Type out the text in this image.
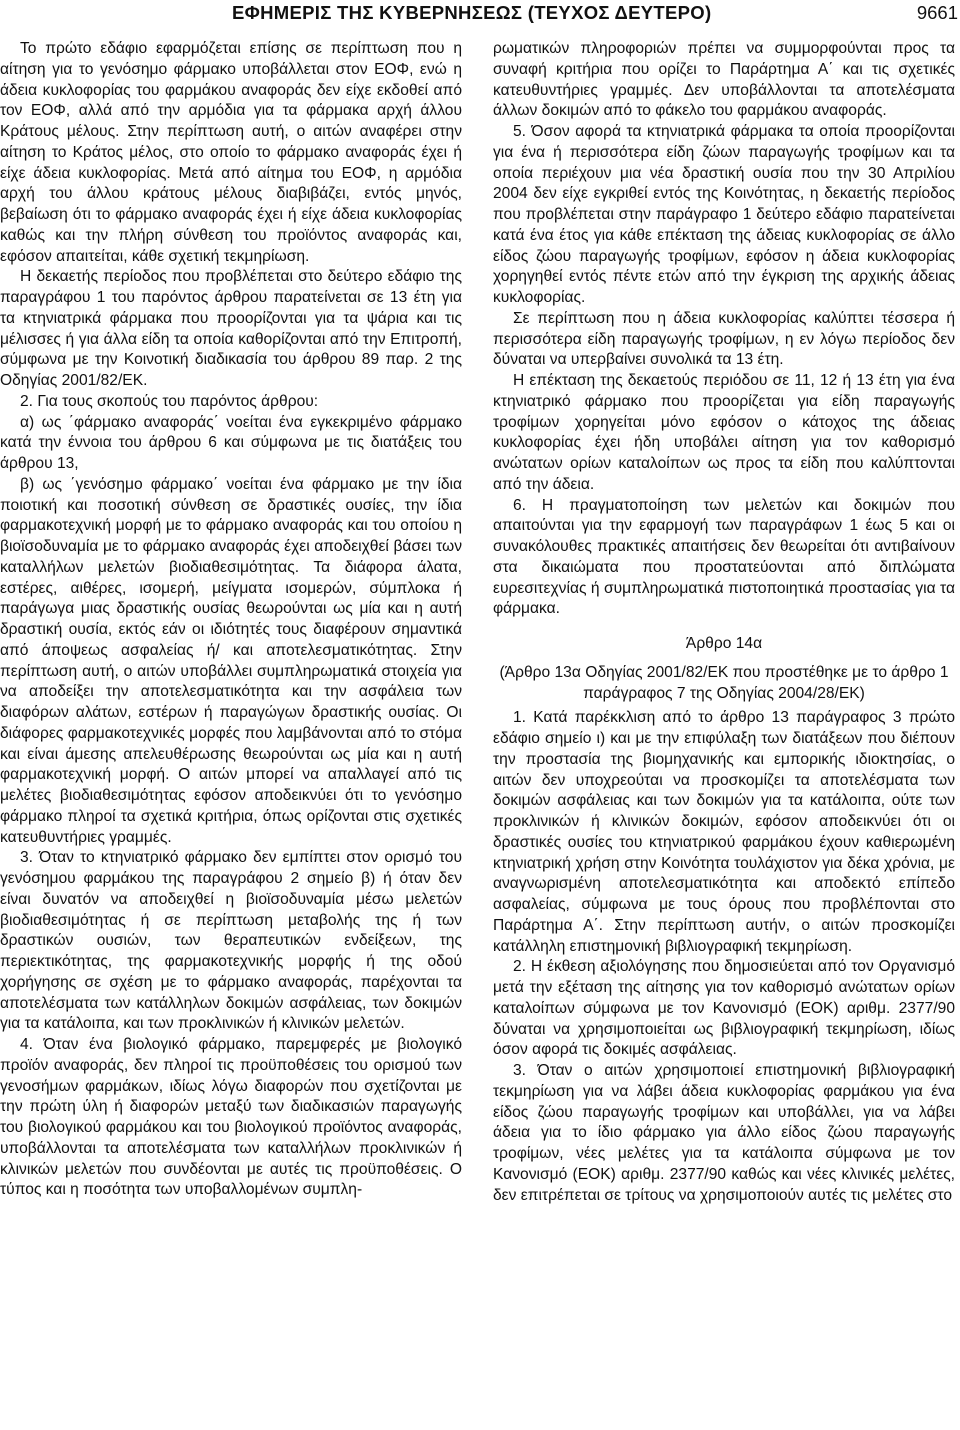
ΕΦΗΜΕΡΙΣ ΤΗΣ ΚΥΒΕΡΝΗΣΕΩΣ (ΤΕΥΧΟΣ ΔΕΥΤΕΡΟ)	9661

Το πρώτο εδάφιο εφαρμόζεται επίσης σε περίπτωση που η αίτηση για το γενόσημο φάρμακο υποβάλλεται στον ΕΟΦ, ενώ η άδεια κυκλοφορίας του φαρμάκου αναφοράς δεν είχε εκδοθεί από τον ΕΟΦ, αλλά από την αρμόδια για τα φάρμακα αρχή άλλου Κράτους μέλους. Στην περίπτωση αυτή, ο αιτών αναφέρει στην αίτηση το Κράτος μέλος, στο οποίο το φάρμακο αναφοράς έχει ή είχε άδεια κυκλοφορίας. Μετά από αίτημα του ΕΟΦ, η αρμόδια αρχή του άλλου κράτους μέλους διαβιβάζει, εντός μηνός, βεβαίωση ότι το φάρμακο αναφοράς έχει ή είχε άδεια κυκλοφορίας καθώς και την πλήρη σύνθεση του προϊόντος αναφοράς και, εφόσον απαιτείται, κάθε σχετική τεκμηρίωση.

Η δεκαετής περίοδος που προβλέπεται στο δεύτερο εδάφιο της παραγράφου 1 του παρόντος άρθρου παρατείνεται σε 13 έτη για τα κτηνιατρικά φάρμακα που προορίζονται για τα ψάρια και τις μέλισσες ή για άλλα είδη τα οποία καθορίζονται από την Επιτροπή, σύμφωνα με την Κοινοτική διαδικασία του άρθρου 89 παρ. 2 της Οδηγίας 2001/82/ΕΚ.

2. Για τους σκοπούς του παρόντος άρθρου:

α) ως ΄φάρμακο αναφοράς΄ νοείται ένα εγκεκριμένο φάρμακο κατά την έννοια του άρθρου 6 και σύμφωνα με τις διατάξεις του άρθρου 13,

β) ως ΄γενόσημο φάρμακο΄ νοείται ένα φάρμακο με την ίδια ποιοτική και ποσοτική σύνθεση σε δραστικές ουσίες, την ίδια φαρμακοτεχνική μορφή με το φάρμακο αναφοράς και του οποίου η βιοϊσοδυναμία με το φάρμακο αναφοράς έχει αποδειχθεί βάσει των καταλλήλων μελετών βιοδιαθεσιμότητας. Τα διάφορα άλατα, εστέρες, αιθέρες, ισομερή, μείγματα ισομερών, σύμπλοκα ή παράγωγα μιας δραστικής ουσίας θεωρούνται ως μία και η αυτή δραστική ουσία, εκτός εάν οι ιδιότητές τους διαφέρουν σημαντικά από άποψεως ασφαλείας ή/ και αποτελεσματικότητας. Στην περίπτωση αυτή, ο αιτών υποβάλλει συμπληρωματικά στοιχεία για να αποδείξει την αποτελεσματικότητα και την ασφάλεια των διαφόρων αλάτων, εστέρων ή παραγώγων δραστικής ουσίας. Οι διάφορες φαρμακοτεχνικές μορφές που λαμβάνονται από το στόμα και είναι άμεσης απελευθέρωσης θεωρούνται ως μία και η αυτή φαρμακοτεχνική μορφή. Ο αιτών μπορεί να απαλλαγεί από τις μελέτες βιοδιαθεσιμότητας εφόσον αποδεικνύει ότι το γενόσημο φάρμακο πληροί τα σχετικά κριτήρια, όπως ορίζονται στις σχετικές κατευθυντήριες γραμμές.

3. Όταν το κτηνιατρικό φάρμακο δεν εμπίπτει στον ορισμό του γενόσημου φαρμάκου της παραγράφου 2 σημείο β) ή όταν δεν είναι δυνατόν να αποδειχθεί η βιοϊσοδυναμία μέσω μελετών βιοδιαθεσιμότητας ή σε περίπτωση μεταβολής της ή των δραστικών ουσιών, των θεραπευτικών ενδείξεων, της περιεκτικότητας, της φαρμακοτεχνικής μορφής ή της οδού χορήγησης σε σχέση με το φάρμακο αναφοράς, παρέχονται τα αποτελέσματα των κατάλληλων δοκιμών ασφάλειας, των δοκιμών για τα κατάλοιπα, και των προκλινικών ή κλινικών μελετών.

4. Όταν ένα βιολογικό φάρμακο, παρεμφερές με βιολογικό προϊόν αναφοράς, δεν πληροί τις προϋποθέσεις του ορισμού των γενοσήμων φαρμάκων, ιδίως λόγω διαφορών που σχετίζονται με την πρώτη ύλη ή διαφορών μεταξύ των διαδικασιών παραγωγής του βιολογικού φαρμάκου και του βιολογικού προϊόντος αναφοράς, υποβάλλονται τα αποτελέσματα των καταλλήλων προκλινικών ή κλινικών μελετών που συνδέονται με αυτές τις προϋποθέσεις. Ο τύπος και η ποσότητα των υποβαλλομένων συμπλη-

ρωματικών πληροφοριών πρέπει να συμμορφούνται προς τα συναφή κριτήρια που ορίζει το Παράρτημα Α΄ και τις σχετικές κατευθυντήριες γραμμές. Δεν υποβάλλονται τα αποτελέσματα άλλων δοκιμών από το φάκελο του φαρμάκου αναφοράς.

5. Όσον αφορά τα κτηνιατρικά φάρμακα τα οποία προορίζονται για ένα ή περισσότερα είδη ζώων παραγωγής τροφίμων και τα οποία περιέχουν μια νέα δραστική ουσία που την 30 Απριλίου 2004 δεν είχε εγκριθεί εντός της Κοινότητας, η δεκαετής περίοδος που προβλέπεται στην παράγραφο 1 δεύτερο εδάφιο παρατείνεται κατά ένα έτος για κάθε επέκταση της άδειας κυκλοφορίας σε άλλο είδος ζώου παραγωγής τροφίμων, εφόσον η άδεια κυκλοφορίας χορηγηθεί εντός πέντε ετών από την έγκριση της αρχικής άδειας κυκλοφορίας.

Σε περίπτωση που η άδεια κυκλοφορίας καλύπτει τέσσερα ή περισσότερα είδη παραγωγής τροφίμων, η εν λόγω περίοδος δεν δύναται να υπερβαίνει συνολικά τα 13 έτη.

Η επέκταση της δεκαετούς περιόδου σε 11, 12 ή 13 έτη για ένα κτηνιατρικό φάρμακο που προορίζεται για είδη παραγωγής τροφίμων χορηγείται μόνο εφόσον ο κάτοχος της άδειας κυκλοφορίας έχει ήδη υποβάλει αίτηση για τον καθορισμό ανώτατων ορίων καταλοίπων ως προς τα είδη που καλύπτονται από την άδεια.

6. Η πραγματοποίηση των μελετών και δοκιμών που απαιτούνται για την εφαρμογή των παραγράφων 1 έως 5 και οι συνακόλουθες πρακτικές απαιτήσεις δεν θεωρείται ότι αντιβαίνουν στα δικαιώματα που προστατεύονται από διπλώματα ευρεσιτεχνίας ή συμπληρωματικά πιστοποιητικά προστασίας για τα φάρμακα.

Άρθρο 14α

(Άρθρο 13α Οδηγίας 2001/82/ΕΚ που προστέθηκε με το άρθρο 1 παράγραφος 7 της Οδηγίας 2004/28/ΕΚ)

1. Κατά παρέκκλιση από το άρθρο 13 παράγραφος 3 πρώτο εδάφιο σημείο ι) και με την επιφύλαξη των διατάξεων που διέπουν την προστασία της βιομηχανικής και εμπορικής ιδιοκτησίας, ο αιτών δεν υποχρεούται να προσκομίζει τα αποτελέσματα των δοκιμών ασφάλειας και των δοκιμών για τα κατάλοιπα, ούτε των προκλινικών ή κλινικών δοκιμών, εφόσον αποδεικνύει ότι οι δραστικές ουσίες του κτηνιατρικού φαρμάκου έχουν καθιερωμένη κτηνιατρική χρήση στην Κοινότητα τουλάχιστον για δέκα χρόνια, με αναγνωρισμένη αποτελεσματικότητα και αποδεκτό επίπεδο ασφαλείας, σύμφωνα με τους όρους που προβλέπονται στο Παράρτημα Α΄. Στην περίπτωση αυτήν, ο αιτών προσκομίζει κατάλληλη επιστημονική βιβλιογραφική τεκμηρίωση.

2. Η έκθεση αξιολόγησης που δημοσιεύεται από τον Οργανισμό μετά την εξέταση της αίτησης για τον καθορισμό ανώτατων ορίων καταλοίπων σύμφωνα με τον Κανονισμό (ΕΟΚ) αριθμ. 2377/90 δύναται να χρησιμοποιείται ως βιβλιογραφική τεκμηρίωση, ιδίως όσον αφορά τις δοκιμές ασφάλειας.

3. Όταν ο αιτών χρησιμοποιεί επιστημονική βιβλιογραφική τεκμηρίωση για να λάβει άδεια κυκλοφορίας φαρμάκου για ένα είδος ζώου παραγωγής τροφίμων και υποβάλλει, για να λάβει άδεια για το ίδιο φάρμακο για άλλο είδος ζώου παραγωγής τροφίμων, νέες μελέτες για τα κατάλοιπα σύμφωνα με τον Κανονισμό (ΕΟΚ) αριθμ. 2377/90 καθώς και νέες κλινικές μελέτες, δεν επιτρέπεται σε τρίτους να χρησιμοποιούν αυτές τις μελέτες στο
